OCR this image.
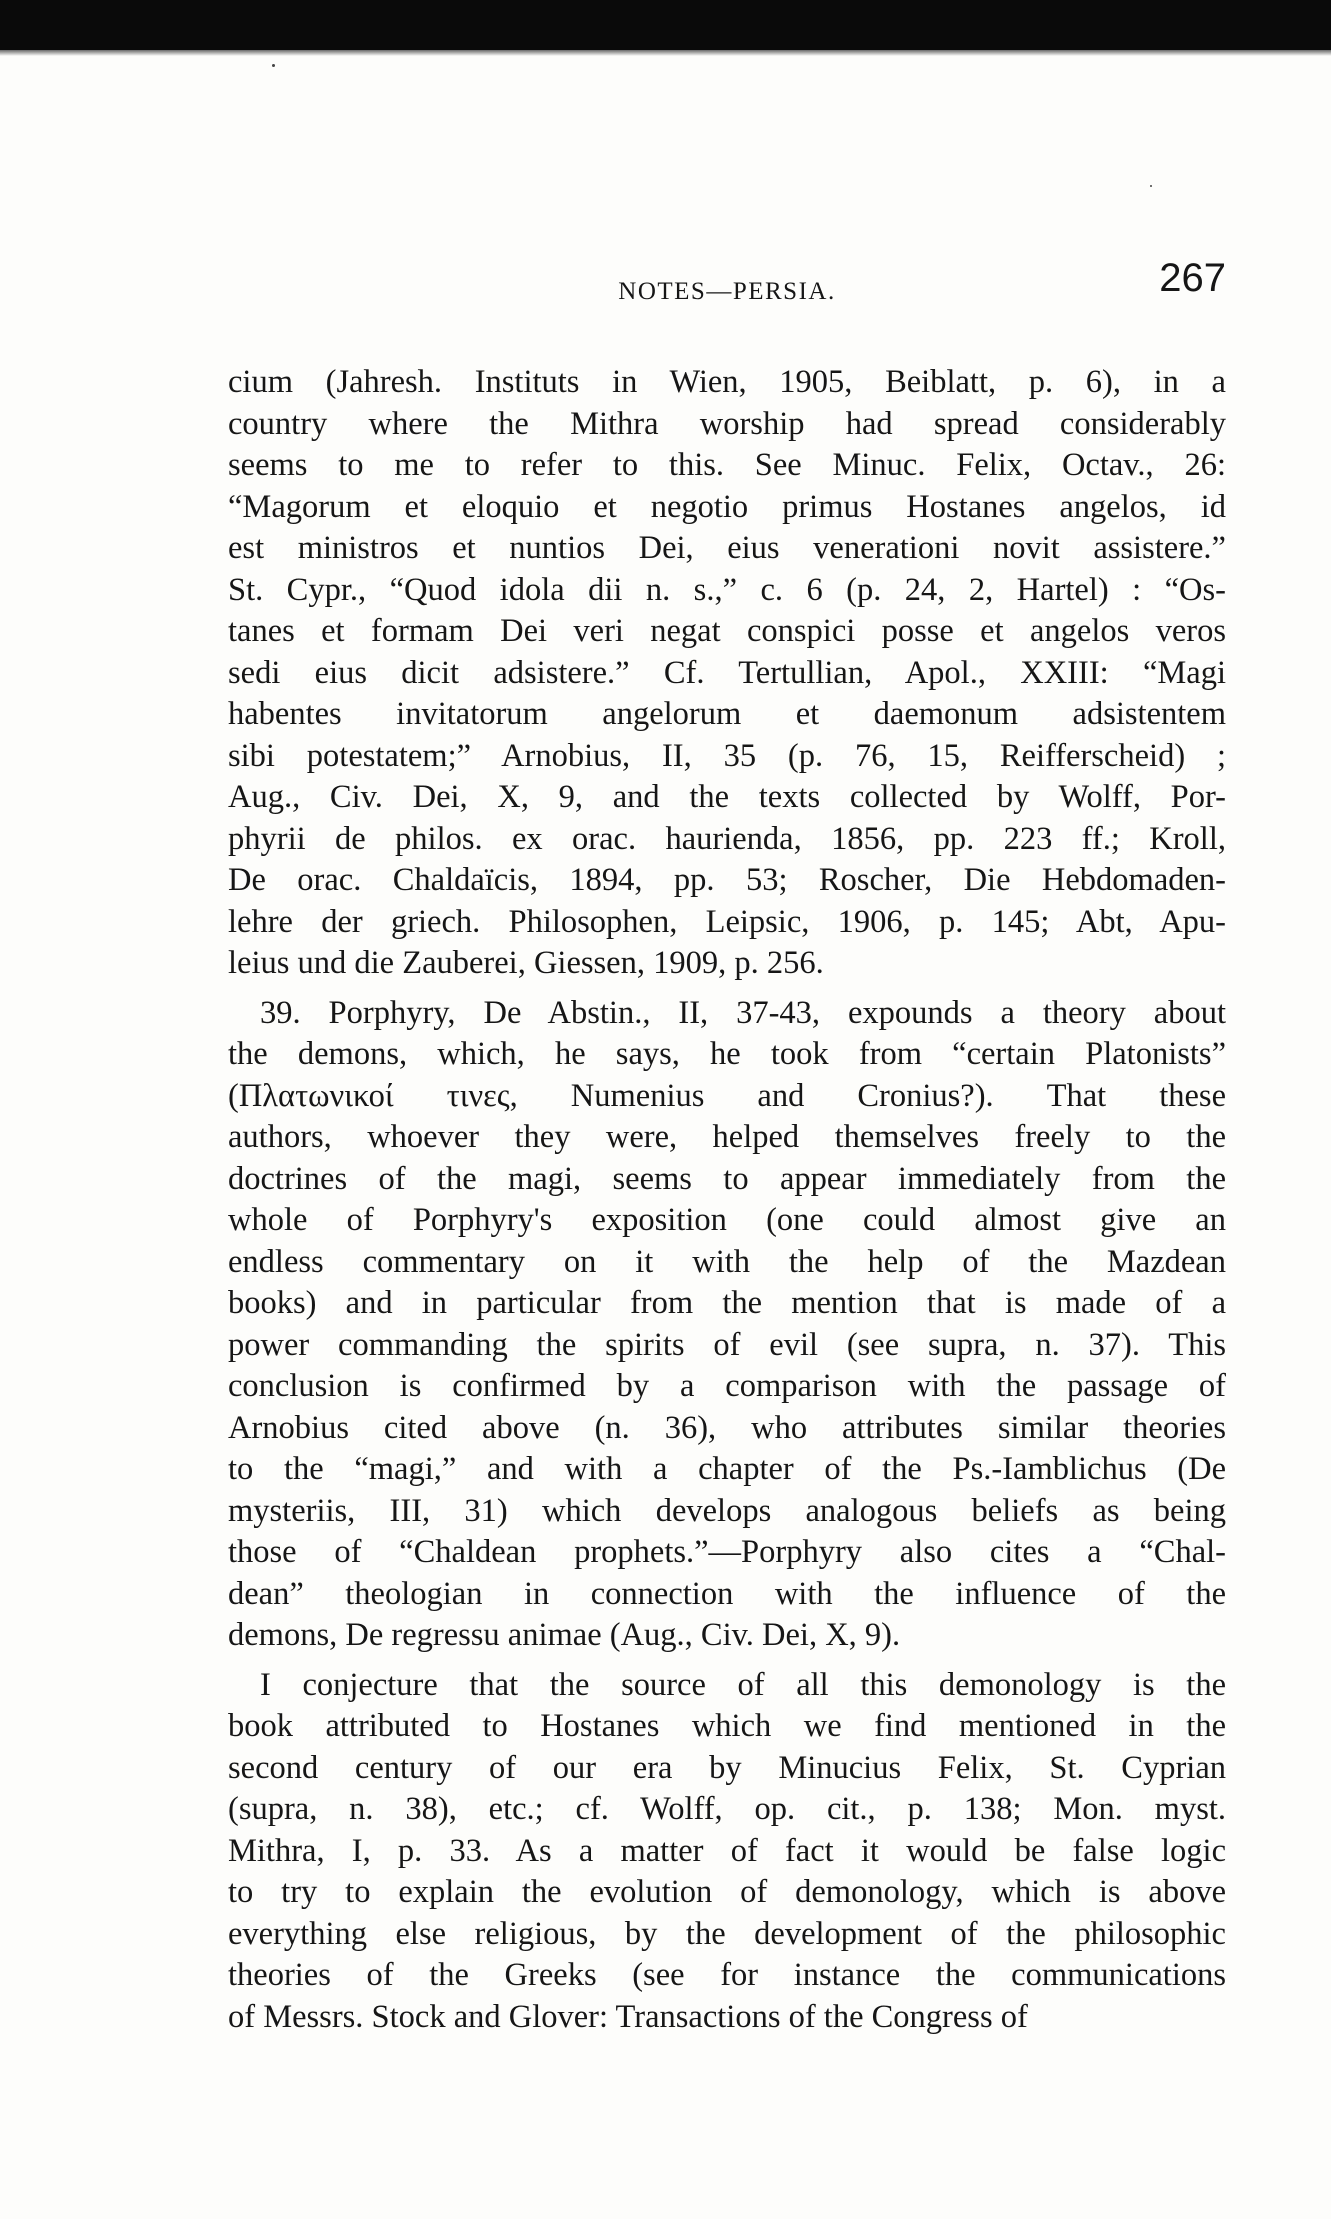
NOTES—PERSIA.	267
cium (Jahresh. Instituts in Wien, 1905, Beiblatt, p. 6), in a
country where the Mithra worship had spread considerably
seems to me to refer to this. See Minuc. Felix, Octav., 26:
“Magorum et eloquio et negotio primus Hostanes angelos, id
est ministros et nuntios Dei, eius venerationi novit assistere.”
St. Cypr., “Quod idola dii n. s.,” c. 6 (p. 24, 2, Hartel) : “Os-
tanes et formam Dei veri negat conspici posse et angelos veros
sedi eius dicit adsistere.” Cf. Tertullian, Apol., XXIII: “Magi
habentes invitatorum angelorum et daemonum adsistentem
sibi potestatem;” Arnobius, II, 35 (p. 76, 15, Reifferscheid) ;
Aug., Civ. Dei, X, 9, and the texts collected by Wolff, Por-
phyrii de philos. ex orac. haurienda, 1856, pp. 223 ff.; Kroll,
De orac. Chaldaïcis, 1894, pp. 53; Roscher, Die Hebdomaden-
lehre der griech. Philosophen, Leipsic, 1906, p. 145; Abt, Apu-
leius und die Zauberei, Giessen, 1909, p. 256.
39. Porphyry, De Abstin., II, 37-43, expounds a theory about
the demons, which, he says, he took from “certain Platonists”
(Πλατωνικοί τινες, Numenius and Cronius?). That these
authors, whoever they were, helped themselves freely to the
doctrines of the magi, seems to appear immediately from the
whole of Porphyry's exposition (one could almost give an
endless commentary on it with the help of the Mazdean
books) and in particular from the mention that is made of a
power commanding the spirits of evil (see supra, n. 37). This
conclusion is confirmed by a comparison with the passage of
Arnobius cited above (n. 36), who attributes similar theories
to the “magi,” and with a chapter of the Ps.-Iamblichus (De
mysteriis, III, 31) which develops analogous beliefs as being
those of “Chaldean prophets.”—Porphyry also cites a “Chal-
dean” theologian in connection with the influence of the
demons, De regressu animae (Aug., Civ. Dei, X, 9).
I conjecture that the source of all this demonology is the
book attributed to Hostanes which we find mentioned in the
second century of our era by Minucius Felix, St. Cyprian
(supra, n. 38), etc.; cf. Wolff, op. cit., p. 138; Mon. myst.
Mithra, I, p. 33. As a matter of fact it would be false logic
to try to explain the evolution of demonology, which is above
everything else religious, by the development of the philosophic
theories of the Greeks (see for instance the communications
of Messrs. Stock and Glover: Transactions of the Congress of
